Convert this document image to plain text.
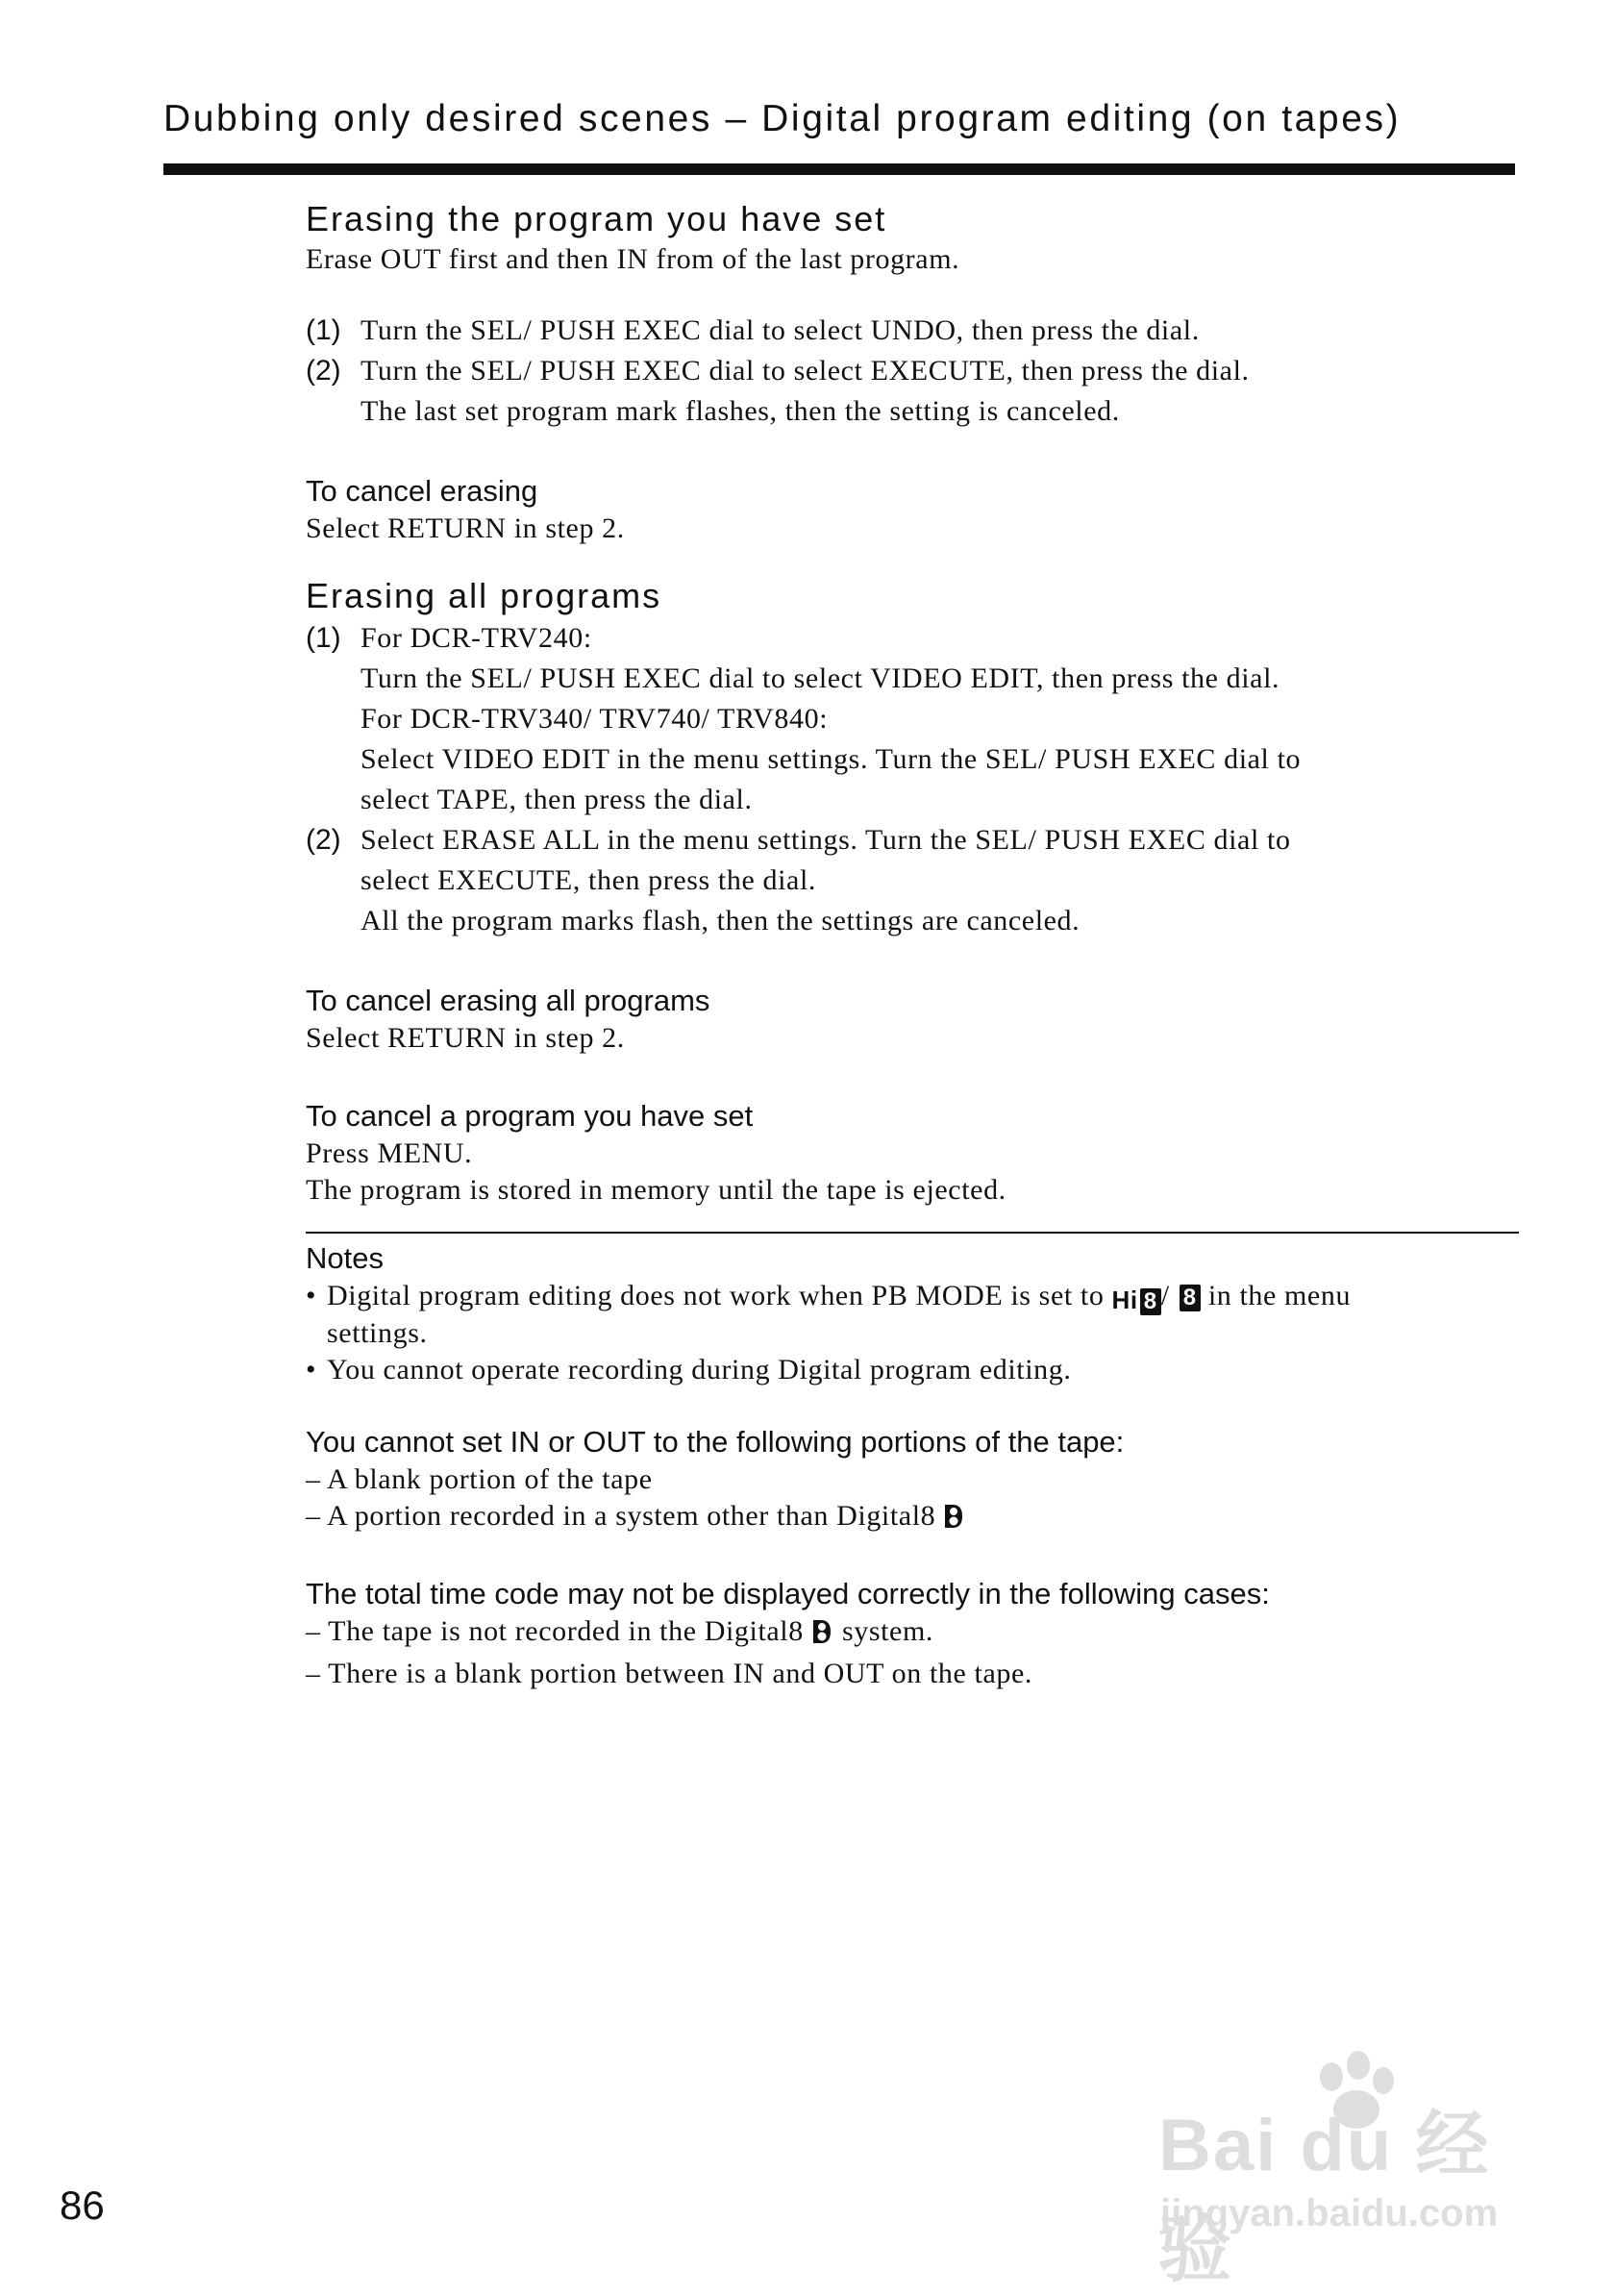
Dubbing only desired scenes – Digital program editing (on tapes)
Erasing the program you have set
Erase OUT first and then IN from of the last program.
(1) Turn the SEL/ PUSH EXEC dial to select UNDO, then press the dial.
(2) Turn the SEL/ PUSH EXEC dial to select EXECUTE, then press the dial.
The last set program mark flashes, then the setting is canceled.
To cancel erasing
Select RETURN in step 2.
Erasing all programs
(1) For DCR-TRV240:
Turn the SEL/ PUSH EXEC dial to select VIDEO EDIT, then press the dial.
For DCR-TRV340/ TRV740/ TRV840:
Select VIDEO EDIT in the menu settings. Turn the SEL/ PUSH EXEC dial to
select TAPE, then press the dial.
(2) Select ERASE ALL in the menu settings. Turn the SEL/ PUSH EXEC dial to
select EXECUTE, then press the dial.
All the program marks flash, then the settings are canceled.
To cancel erasing all programs
Select RETURN in step 2.
To cancel a program you have set
Press MENU.
The program is stored in memory until the tape is ejected.
Notes
• Digital program editing does not work when PB MODE is set to Hi 8 / 8 in the menu
settings.
• You cannot operate recording during Digital program editing.
You cannot set IN or OUT to the following portions of the tape:
– A blank portion of the tape
– A portion recorded in a system other than Digital8
The total time code may not be displayed correctly in the following cases:
– The tape is not recorded in the Digital8 system.
– There is a blank portion between IN and OUT on the tape.
86
Bai du 经验
jingyan.baidu.com
